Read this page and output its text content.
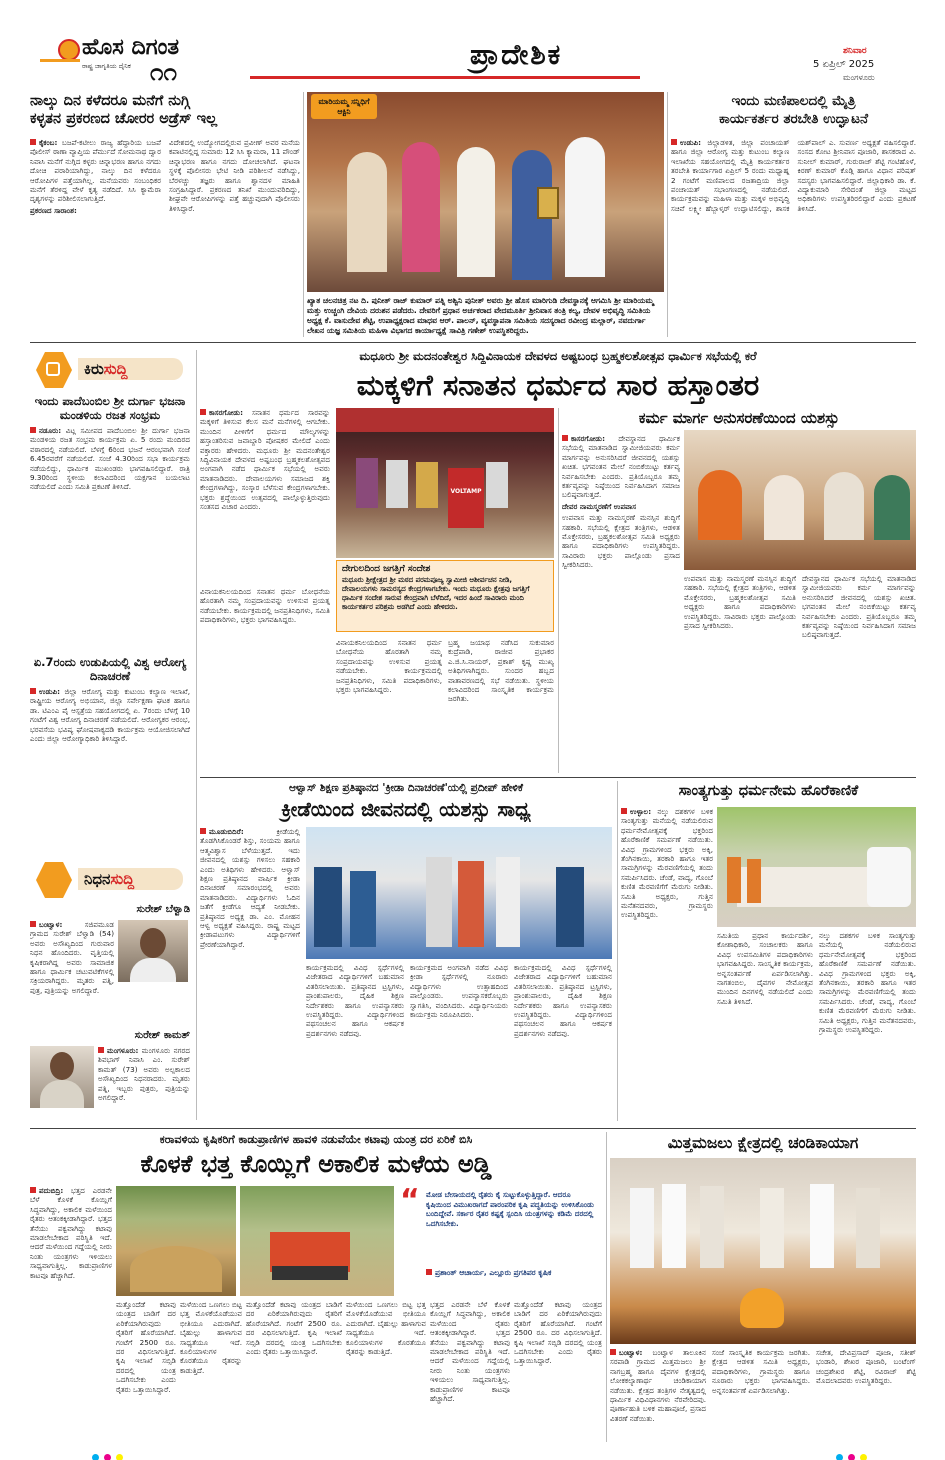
ಹೊಸ ದಿಗಂತ
ರಾಷ್ಟ್ರ ಜಾಗೃತಿಯ ದೈನಿಕ ೧೧
ಪ್ರಾದೇಶಿಕ	ಶನಿವಾರ
5 ಏಪ್ರಿಲ್ 2025
ಮಂಗಳೂರು
ನಾಲ್ಕು ದಿನ ಕಳೆದರೂ ಮನೆಗೆ ನುಗ್ಗಿ
ಕಳ್ಳತನ ಪ್ರಕರಣದ ಚೋರರ ಅಡ್ರೆಸ್ ಇಲ್ಲ

ಕೈಕಂಬ: ಬಜಪೆ-ಕಟೀಲು ರಾಜ್ಯ ಹೆದ್ದಾರಿಯ ಬಜಪೆ ಪೊಲೀಸ್ ಠಾಣಾ ವ್ಯಾಪ್ತಿಯ ಪೆರ್ಮುದೆ ಸೋಮನಾಥ ದ್ವಾರ ನಿವಾಸಿ ಮನೆಗೆ ನುಗ್ಗಿದ ಕಳ್ಳರು ಚಿನ್ನಾಭರಣ ಹಾಗೂ ನಗದು ದೋಚಿ ಪರಾರಿಯಾಗಿದ್ದು, ನಾಲ್ಕು ದಿನ ಕಳೆದರೂ ಆರೋಪಿಗಳ ಪತ್ತೆಯಾಗಿಲ್ಲ. ಮನೆಯವರು ಸಂಬಂಧಿಕರ ಮನೆಗೆ ತೆರಳಿದ್ದ ವೇಳೆ ಕೃತ್ಯ ನಡೆದಿದೆ. ಸಿಸಿ ಕ್ಯಾಮೆರಾ ದೃಶ್ಯಗಳನ್ನು ಪರಿಶೀಲಿಸಲಾಗುತ್ತಿದೆ.

ಪ್ರಕರಣದ ಸಾರಾಂಶ:

ವಿದೇಶದಲ್ಲಿ ಉದ್ಯೋಗದಲ್ಲಿರುವ ಪ್ರವೀಣ್ ಅವರ ಮನೆಯ ಕಪಾಟಿನಲ್ಲಿದ್ದ ಸುಮಾರು 12 ಸಿಸಿ ಕ್ಯಾಮರಾ, 11 ಪೌಂಡ್ ಚಿನ್ನಾಭರಣ ಹಾಗೂ ನಗದು ದೋಚಲಾಗಿದೆ. ಘಟನಾ ಸ್ಥಳಕ್ಕೆ ಪೊಲೀಸರು ಭೇಟಿ ನೀಡಿ ಪರಿಶೀಲನೆ ನಡೆಸಿದ್ದು, ಬೆರಳಚ್ಚು ತಜ್ಞರು ಹಾಗೂ ಶ್ವಾನದಳ ಮಾಹಿತಿ ಸಂಗ್ರಹಿಸಿದ್ದಾರೆ. ಪ್ರಕರಣದ ತನಿಖೆ ಮುಂದುವರಿದಿದ್ದು, ಶೀಘ್ರವೇ ಆರೋಪಿಗಳನ್ನು ಪತ್ತೆ ಹಚ್ಚುವುದಾಗಿ ಪೊಲೀಸರು ತಿಳಿಸಿದ್ದಾರೆ.

ಮಾರಿಯಮ್ಮ ಸನ್ನಿಧಿಗೆ ಆಕ್ಟಿನಿ
ಖ್ಯಾತ ಚಲನಚಿತ್ರ ನಟ ದಿ. ಪುನೀತ್ ರಾಜ್ ಕುಮಾರ್ ಪತ್ನಿ ಅಶ್ವಿನಿ ಪುನೀತ್ ಅವರು ಶ್ರೀ ಹೊಸ ಮಾರಿಗುಡಿ ದೇವಸ್ಥಾನಕ್ಕೆ ಆಗಮಿಸಿ ಶ್ರೀ ಮಾರಿಯಮ್ಮ ಮತ್ತು ಉಚ್ಚಂಗಿ ದೇವಿಯ ದರುಶನ ಪಡೆದರು. ದೇವರಿಗೆ ಪ್ರಧಾನ ಅರ್ಚಕರಾದ ವೇದಮೂರ್ತಿ ಶ್ರೀನಿವಾಸ ತಂತ್ರಿ ಕಲ್ಯ, ದೇವಳ ಅಭಿವೃದ್ಧಿ ಸಮಿತಿಯ ಅಧ್ಯಕ್ಷ ಕೆ. ವಾಸುದೇವ ಶೆಟ್ಟಿ, ಉಪಾಧ್ಯಕ್ಷರಾದ ಮಾಧವ ಆರ್. ಪಾಲನ್, ವ್ಯವಸ್ಥಾಪನಾ ಸಮಿತಿಯ ಸದಸ್ಯರಾದ ರವೀಂದ್ರ ಮಲ್ಲಾರ್, ನವದುರ್ಗಾ ಲೇಖನ ಯಜ್ಞ ಸಮಿತಿಯ ಮಹಿಳಾ ವಿಭಾಗದ ಕಾರ್ಯಾಧ್ಯಕ್ಷೆ ಸಾವಿತ್ರಿ ಗಣೇಶ್ ಉಪಸ್ಥಿತರಿದ್ದರು.
ಇಂದು ಮಣಿಪಾಲದಲ್ಲಿ ಮೈತ್ರಿ
ಕಾರ್ಯಕರ್ತರ ತರಬೇತಿ ಉದ್ಘಾಟನೆ

ಉಡುಪಿ: ಜಿಲ್ಲಾಡಳಿತ, ಜಿಲ್ಲಾ ಪಂಚಾಯತ್ ಹಾಗೂ ಜಿಲ್ಲಾ ಆರೋಗ್ಯ ಮತ್ತು ಕುಟುಂಬ ಕಲ್ಯಾಣ ಇಲಾಖೆಯ ಸಹಯೋಗದಲ್ಲಿ ಮೈತ್ರಿ ಕಾರ್ಯಕರ್ತರ ತರಬೇತಿ ಕಾರ್ಯಾಗಾರ ಏಪ್ರಿಲ್ 5 ರಂದು ಮಧ್ಯಾಹ್ನ 2 ಗಂಟೆಗೆ ಮಣಿಪಾಲದ ರಜತಾದ್ರಿಯ ಜಿಲ್ಲಾ ಪಂಚಾಯತ್ ಸಭಾಂಗಣದಲ್ಲಿ ನಡೆಯಲಿದೆ. ಕಾರ್ಯಕ್ರಮವನ್ನು ಮಹಿಳಾ ಮತ್ತು ಮಕ್ಕಳ ಅಭಿವೃದ್ಧಿ ಸಚಿವೆ ಲಕ್ಷ್ಮೀ ಹೆಬ್ಬಾಳ್ಕರ್ ಉದ್ಘಾಟಿಸಲಿದ್ದು, ಶಾಸಕ ಯಶ್‌ಪಾಲ್ ಎ. ಸುವರ್ಣ ಅಧ್ಯಕ್ಷತೆ ವಹಿಸಲಿದ್ದಾರೆ. ಸಂಸದ ಕೋಟ ಶ್ರೀನಿವಾಸ ಪೂಜಾರಿ, ಶಾಸಕರಾದ ವಿ. ಸುನೀಲ್ ಕುಮಾರ್, ಗುರುರಾಜ್ ಶೆಟ್ಟಿ ಗಂಟಿಹೊಳೆ, ಕಿರಣ್ ಕುಮಾರ್ ಕೊಡ್ಗಿ ಹಾಗೂ ವಿಧಾನ ಪರಿಷತ್ ಸದಸ್ಯರು ಭಾಗವಹಿಸಲಿದ್ದಾರೆ. ಜಿಲ್ಲಾಧಿಕಾರಿ ಡಾ. ಕೆ. ವಿದ್ಯಾಕುಮಾರಿ ಸೇರಿದಂತೆ ಜಿಲ್ಲಾ ಮಟ್ಟದ ಅಧಿಕಾರಿಗಳು ಉಪಸ್ಥಿತರಿರಲಿದ್ದಾರೆ ಎಂದು ಪ್ರಕಟಣೆ ತಿಳಿಸಿದೆ.

ಕಿರುಸುದ್ದಿ
ಇಂದು ಪಾದೆಬಂಬಿಲ ಶ್ರೀ ದುರ್ಗಾ ಭಜನಾ ಮಂಡಳಿಯ ರಜತ ಸಂಭ್ರಮ

ನಡೂರು: ವಿಟ್ಲ ಸಮೀಪದ ಪಾದೆಬಂಬಿಲ ಶ್ರೀ ದುರ್ಗಾ ಭಜನಾ ಮಂಡಳಿಯ ರಜತ ಸಂಭ್ರಮ ಕಾರ್ಯಕ್ರಮ ಏ. 5 ರಂದು ಮಂದಿರದ ವಠಾರದಲ್ಲಿ ನಡೆಯಲಿದೆ. ಬೆಳಗ್ಗೆ 6ರಿಂದ ಭಜನೆ ಆರಂಭವಾಗಿ ಸಂಜೆ 6.45ರವರೆಗೆ ನಡೆಯಲಿದೆ. ಸಂಜೆ 4.30ರಿಂದ ಸಭಾ ಕಾರ್ಯಕ್ರಮ ನಡೆಯಲಿದ್ದು, ಧಾರ್ಮಿಕ ಮುಖಂಡರು ಭಾಗವಹಿಸಲಿದ್ದಾರೆ. ರಾತ್ರಿ 9.30ರಿಂದ ಸ್ಥಳೀಯ ಕಲಾವಿದರಿಂದ ಯಕ್ಷಗಾನ ಬಯಲಾಟ ನಡೆಯಲಿದೆ ಎಂದು ಸಮಿತಿ ಪ್ರಕಟಣೆ ತಿಳಿಸಿದೆ.

ಏ.7ರಂದು ಉಡುಪಿಯಲ್ಲಿ ವಿಶ್ವ ಆರೋಗ್ಯ ದಿನಾಚರಣೆ

ಉಡುಪಿ: ಜಿಲ್ಲಾ ಆರೋಗ್ಯ ಮತ್ತು ಕುಟುಂಬ ಕಲ್ಯಾಣ ಇಲಾಖೆ, ರಾಷ್ಟ್ರೀಯ ಆರೋಗ್ಯ ಅಭಿಯಾನ, ಜಿಲ್ಲಾ ಸರ್ವೇಕ್ಷಣಾ ಘಟಕ ಹಾಗೂ ಡಾ. ಟಿಎಂಎ ಪೈ ಆಸ್ಪತ್ರೆಯ ಸಹಯೋಗದಲ್ಲಿ ಏ. 7ರಂದು ಬೆಳಗ್ಗೆ 10 ಗಂಟೆಗೆ ವಿಶ್ವ ಆರೋಗ್ಯ ದಿನಾಚರಣೆ ನಡೆಯಲಿದೆ. ಆರೋಗ್ಯಕರ ಆರಂಭ, ಭರವಸೆಯ ಭವಿಷ್ಯ ಘೋಷವಾಕ್ಯದಡಿ ಕಾರ್ಯಕ್ರಮ ಆಯೋಜಿಸಲಾಗಿದೆ ಎಂದು ಜಿಲ್ಲಾ ಆರೋಗ್ಯಾಧಿಕಾರಿ ತಿಳಿಸಿದ್ದಾರೆ.

ನಿಧನಸುದ್ದಿ
ಸುರೇಶ್ ಬೆಳ್ವಾಡಿ

ಬಂಟ್ವಾಳ:	ಸಜಿಪಮೂಡ ಗ್ರಾಮದ ಸುರೇಶ್ ಬೆಳ್ವಾಡಿ (54) ಅವರು ಅಸೌಖ್ಯದಿಂದ ಗುರುವಾರ ನಿಧನ ಹೊಂದಿದರು. ವೃತ್ತಿಯಲ್ಲಿ ಕೃಷಿಕರಾಗಿದ್ದ ಅವರು ಸಾಮಾಜಿಕ ಹಾಗೂ ಧಾರ್ಮಿಕ ಚಟುವಟಿಕೆಗಳಲ್ಲಿ ಸಕ್ರಿಯರಾಗಿದ್ದರು. ಮೃತರು ಪತ್ನಿ, ಪುತ್ರ, ಪುತ್ರಿಯನ್ನು ಅಗಲಿದ್ದಾರೆ.

ಸುರೇಶ್ ಕಾಮತ್

ಮಂಗಳೂರು: ಮಂಗಳೂರು ನಗರದ ಶಿವಭಾಗ್ ನಿವಾಸಿ ಎಂ. ಸುರೇಶ್ ಕಾಮತ್ (73) ಅವರು ಅಲ್ಪಕಾಲದ ಅಸೌಖ್ಯದಿಂದ ನಿಧನರಾದರು. ಮೃತರು ಪತ್ನಿ, ಇಬ್ಬರು ಪುತ್ರರು, ಪುತ್ರಿಯನ್ನು ಅಗಲಿದ್ದಾರೆ.

ಮಧೂರು ಶ್ರೀ ಮದನಂತೇಶ್ವರ ಸಿದ್ಧಿವಿನಾಯಕ ದೇವಳದ ಅಷ್ಟಬಂಧ ಬ್ರಹ್ಮಕಲಶೋತ್ಸವ ಧಾರ್ಮಿಕ ಸಭೆಯಲ್ಲಿ ಕರೆ
ಮಕ್ಕಳಿಗೆ ಸನಾತನ ಧರ್ಮದ ಸಾರ ಹಸ್ತಾಂತರ

ಕಾಸರಗೋಡು: ಸನಾತನ ಧರ್ಮದ ಸಾರವನ್ನು ಮಕ್ಕಳಿಗೆ ತಿಳಿಸುವ ಕೆಲಸ ಮನೆ ಮನೆಗಳಲ್ಲಿ ಆಗಬೇಕು. ಮುಂದಿನ ಪೀಳಿಗೆಗೆ ಧರ್ಮದ ಮೌಲ್ಯಗಳನ್ನು ಹಸ್ತಾಂತರಿಸುವ ಜವಾಬ್ದಾರಿ ಪೋಷಕರ ಮೇಲಿದೆ ಎಂದು ವಕ್ತಾರರು ಹೇಳಿದರು. ಮಧೂರು ಶ್ರೀ ಮದನಂತೇಶ್ವರ ಸಿದ್ಧಿವಿನಾಯಕ ದೇವಳದ ಅಷ್ಟಬಂಧ ಬ್ರಹ್ಮಕಲಶೋತ್ಸವದ ಅಂಗವಾಗಿ ನಡೆದ ಧಾರ್ಮಿಕ ಸಭೆಯಲ್ಲಿ ಅವರು ಮಾತನಾಡಿದರು. ದೇವಾಲಯಗಳು ಸಮಾಜದ ಶಕ್ತಿ ಕೇಂದ್ರಗಳಾಗಿದ್ದು, ಸಂಸ್ಕಾರ ಬೆಳೆಸುವ ಕೇಂದ್ರಗಳಾಗಬೇಕು. ಭಕ್ತರು ಶ್ರದ್ಧೆಯಿಂದ ಉತ್ಸವದಲ್ಲಿ ಪಾಲ್ಗೊಳ್ಳುತ್ತಿರುವುದು ಸಂತಸದ ವಿಚಾರ ಎಂದರು.

VOLTAMP
ದೇಗುಲದಿಂದ ಜಗತ್ತಿಗೆ ಸಂದೇಶ
ಮಧೂರು ಶ್ರೀಕ್ಷೇತ್ರದ ಶ್ರೀ ಮಠದ ಪರಮಪೂಜ್ಯ ಸ್ವಾಮೀಜಿ ಆಶೀರ್ವಚನ ನೀಡಿ, ದೇವಾಲಯಗಳು ಸಾಮರಸ್ಯದ ಕೇಂದ್ರಗಳಾಗಬೇಕು. ಇಂದು ಮಧೂರು ಕ್ಷೇತ್ರವು ಜಗತ್ತಿಗೆ ಧಾರ್ಮಿಕ ಸಂದೇಶ ಸಾರುವ ಕೇಂದ್ರವಾಗಿ ಬೆಳೆದಿದೆ, ಇದರ ಹಿಂದೆ ಸಾವಿರಾರು ಮಂದಿ ಕಾರ್ಯಕರ್ತರ ಪರಿಶ್ರಮ ಅಡಗಿದೆ ಎಂದು ಹೇಳಿದರು.

ವಿನಾಯಕನಿಲಯದಿಂದ ಸನಾತನ ಧರ್ಮ ಬೋಧನೆಯ ಹೊರತಾಗಿ ನಮ್ಮ ಸಂಪ್ರದಾಯವನ್ನು ಉಳಿಸುವ ಪ್ರಯತ್ನ ನಡೆಯಬೇಕು. ಕಾರ್ಯಕ್ರಮದಲ್ಲಿ ಜನಪ್ರತಿನಿಧಿಗಳು, ಸಮಿತಿ ಪದಾಧಿಕಾರಿಗಳು, ಭಕ್ತರು ಭಾಗವಹಿಸಿದ್ದರು.

ವಿನಾಯಕನಿಲಯದಿಂದ ಸನಾತನ ಧರ್ಮ ಬೋಧನೆಯ ಹೊರತಾಗಿ ನಮ್ಮ ಸಂಪ್ರದಾಯವನ್ನು ಉಳಿಸುವ ಪ್ರಯತ್ನ ನಡೆಯಬೇಕು. ಕಾರ್ಯಕ್ರಮದಲ್ಲಿ ಜನಪ್ರತಿನಿಧಿಗಳು, ಸಮಿತಿ ಪದಾಧಿಕಾರಿಗಳು, ಭಕ್ತರು ಭಾಗವಹಿಸಿದ್ದರು.

ಬ್ರಹ್ಮ ಜಯಾಥ ನಡೆಸಿದ ಸುಕುಮಾರ ಕುದ್ರೆಪಾಡಿ, ರಾಜೀವ ಪ್ರಭಾಕರ ಎ.ಜಿ.ಸಿ.ನಾಯರ್, ಪ್ರಕಾಶ್ ಕೃಷ್ಣ ಮುಖ್ಯ ಅತಿಥಿಗಳಾಗಿದ್ದರು. ಸುಂದರ ಹಬ್ಬದ ವಾತಾವರಣದಲ್ಲಿ ಸಭೆ ನಡೆಯಿತು. ಸ್ಥಳೀಯ ಕಲಾವಿದರಿಂದ ಸಾಂಸ್ಕೃತಿಕ ಕಾರ್ಯಕ್ರಮ ಜರಗಿತು.

ಕರ್ಮ ಮಾರ್ಗ ಅನುಸರಣೆಯಿಂದ ಯಶಸ್ಸು

ಕಾಸರಗೋಡು: ದೇವಸ್ಥಾನದ ಧಾರ್ಮಿಕ ಸಭೆಯಲ್ಲಿ ಮಾತನಾಡಿದ ಸ್ವಾಮೀಜಿಯವರು ಕರ್ಮ ಮಾರ್ಗವನ್ನು ಅನುಸರಿಸಿದರೆ ಜೀವನದಲ್ಲಿ ಯಶಸ್ಸು ಖಚಿತ. ಭಗವಂತನ ಮೇಲೆ ನಂಬಿಕೆಯಿಟ್ಟು ಕರ್ತವ್ಯ ನಿರ್ವಹಿಸಬೇಕು ಎಂದರು. ಪ್ರತಿಯೊಬ್ಬರೂ ತಮ್ಮ ಕರ್ತವ್ಯವನ್ನು ನಿಷ್ಠೆಯಿಂದ ನಿರ್ವಹಿಸಿದಾಗ ಸಮಾಜ ಬಲಿಷ್ಠವಾಗುತ್ತದೆ.

ದೇವರ ನಾಮಸ್ಮರಣೆಗೆ ಉಪವಾಸ

ಉಪವಾಸ ಮತ್ತು ನಾಮಸ್ಮರಣೆ ಮನಸ್ಸಿನ ಶುದ್ಧಿಗೆ ಸಹಕಾರಿ. ಸಭೆಯಲ್ಲಿ ಕ್ಷೇತ್ರದ ತಂತ್ರಿಗಳು, ಆಡಳಿತ ಮೊಕ್ತೇಸರರು, ಬ್ರಹ್ಮಕಲಶೋತ್ಸವ ಸಮಿತಿ ಅಧ್ಯಕ್ಷರು ಹಾಗೂ ಪದಾಧಿಕಾರಿಗಳು ಉಪಸ್ಥಿತರಿದ್ದರು. ಸಾವಿರಾರು ಭಕ್ತರು ಪಾಲ್ಗೊಂಡು ಪ್ರಸಾದ ಸ್ವೀಕರಿಸಿದರು.

ಉಪವಾಸ ಮತ್ತು ನಾಮಸ್ಮರಣೆ ಮನಸ್ಸಿನ ಶುದ್ಧಿಗೆ ಸಹಕಾರಿ. ಸಭೆಯಲ್ಲಿ ಕ್ಷೇತ್ರದ ತಂತ್ರಿಗಳು, ಆಡಳಿತ ಮೊಕ್ತೇಸರರು, ಬ್ರಹ್ಮಕಲಶೋತ್ಸವ ಸಮಿತಿ ಅಧ್ಯಕ್ಷರು ಹಾಗೂ ಪದಾಧಿಕಾರಿಗಳು ಉಪಸ್ಥಿತರಿದ್ದರು. ಸಾವಿರಾರು ಭಕ್ತರು ಪಾಲ್ಗೊಂಡು ಪ್ರಸಾದ ಸ್ವೀಕರಿಸಿದರು.

ದೇವಸ್ಥಾನದ ಧಾರ್ಮಿಕ ಸಭೆಯಲ್ಲಿ ಮಾತನಾಡಿದ ಸ್ವಾಮೀಜಿಯವರು ಕರ್ಮ ಮಾರ್ಗವನ್ನು ಅನುಸರಿಸಿದರೆ ಜೀವನದಲ್ಲಿ ಯಶಸ್ಸು ಖಚಿತ. ಭಗವಂತನ ಮೇಲೆ ನಂಬಿಕೆಯಿಟ್ಟು ಕರ್ತವ್ಯ ನಿರ್ವಹಿಸಬೇಕು ಎಂದರು. ಪ್ರತಿಯೊಬ್ಬರೂ ತಮ್ಮ ಕರ್ತವ್ಯವನ್ನು ನಿಷ್ಠೆಯಿಂದ ನಿರ್ವಹಿಸಿದಾಗ ಸಮಾಜ ಬಲಿಷ್ಠವಾಗುತ್ತದೆ.

ಆಳ್ವಾಸ್ ಶಿಕ್ಷಣ ಪ್ರತಿಷ್ಠಾನದ 'ಕ್ರೀಡಾ ದಿನಾಚರಣೆ'ಯಲ್ಲಿ ಪ್ರದೀಪ್ ಹೇಳಿಕೆ
ಕ್ರೀಡೆಯಿಂದ ಜೀವನದಲ್ಲಿ ಯಶಸ್ಸು ಸಾಧ್ಯ

ಮೂಡುಬಿದಿರೆ:	ಕ್ರೀಡೆಯಲ್ಲಿ ತೊಡಗಿಸಿಕೊಂಡರೆ ಶಿಸ್ತು, ಸಂಯಮ ಹಾಗೂ ಆತ್ಮವಿಶ್ವಾಸ ಬೆಳೆಯುತ್ತದೆ. ಇದು ಜೀವನದಲ್ಲಿ ಯಶಸ್ಸು ಗಳಿಸಲು ಸಹಕಾರಿ ಎಂದು ಅತಿಥಿಗಳು ಹೇಳಿದರು. ಆಳ್ವಾಸ್ ಶಿಕ್ಷಣ ಪ್ರತಿಷ್ಠಾನದ ವಾರ್ಷಿಕ ಕ್ರೀಡಾ ದಿನಾಚರಣೆ ಸಮಾರಂಭದಲ್ಲಿ ಅವರು ಮಾತನಾಡಿದರು. ವಿದ್ಯಾರ್ಥಿಗಳು ಓದಿನ ಜತೆಗೆ ಕ್ರೀಡೆಗೂ ಆದ್ಯತೆ ನೀಡಬೇಕು. ಪ್ರತಿಷ್ಠಾನದ ಅಧ್ಯಕ್ಷ ಡಾ. ಎಂ. ಮೋಹನ ಆಳ್ವ ಅಧ್ಯಕ್ಷತೆ ವಹಿಸಿದ್ದರು. ರಾಷ್ಟ್ರ ಮಟ್ಟದ ಕ್ರೀಡಾಪಟುಗಳು ವಿದ್ಯಾರ್ಥಿಗಳಿಗೆ ಪ್ರೇರಣೆಯಾಗಿದ್ದಾರೆ.

ಕಾರ್ಯಕ್ರಮದಲ್ಲಿ ವಿವಿಧ ಸ್ಪರ್ಧೆಗಳಲ್ಲಿ ವಿಜೇತರಾದ ವಿದ್ಯಾರ್ಥಿಗಳಿಗೆ ಬಹುಮಾನ ವಿತರಿಸಲಾಯಿತು. ಪ್ರತಿಷ್ಠಾನದ ಟ್ರಸ್ಟಿಗಳು, ಪ್ರಾಂಶುಪಾಲರು, ದೈಹಿಕ ಶಿಕ್ಷಣ ನಿರ್ದೇಶಕರು ಹಾಗೂ ಉಪನ್ಯಾಸಕರು ಉಪಸ್ಥಿತರಿದ್ದರು. ವಿದ್ಯಾರ್ಥಿಗಳಿಂದ ಪಥಸಂಚಲನ ಹಾಗೂ ಆಕರ್ಷಕ ಪ್ರದರ್ಶನಗಳು ನಡೆದವು.

ಕಾರ್ಯಕ್ರಮದ ಅಂಗವಾಗಿ ನಡೆದ ವಿವಿಧ ಕ್ರೀಡಾ ಸ್ಪರ್ಧೆಗಳಲ್ಲಿ ನೂರಾರು ವಿದ್ಯಾರ್ಥಿಗಳು ಉತ್ಸಾಹದಿಂದ ಪಾಲ್ಗೊಂಡರು. ಉಪನ್ಯಾಸಕರೊಬ್ಬರು ಸ್ವಾಗತಿಸಿ, ವಂದಿಸಿದರು. ವಿದ್ಯಾರ್ಥಿನಿಯರು ಕಾರ್ಯಕ್ರಮ ನಿರೂಪಿಸಿದರು.

ಕಾರ್ಯಕ್ರಮದಲ್ಲಿ ವಿವಿಧ ಸ್ಪರ್ಧೆಗಳಲ್ಲಿ ವಿಜೇತರಾದ ವಿದ್ಯಾರ್ಥಿಗಳಿಗೆ ಬಹುಮಾನ ವಿತರಿಸಲಾಯಿತು. ಪ್ರತಿಷ್ಠಾನದ ಟ್ರಸ್ಟಿಗಳು, ಪ್ರಾಂಶುಪಾಲರು, ದೈಹಿಕ ಶಿಕ್ಷಣ ನಿರ್ದೇಶಕರು ಹಾಗೂ ಉಪನ್ಯಾಸಕರು ಉಪಸ್ಥಿತರಿದ್ದರು. ವಿದ್ಯಾರ್ಥಿಗಳಿಂದ ಪಥಸಂಚಲನ ಹಾಗೂ ಆಕರ್ಷಕ ಪ್ರದರ್ಶನಗಳು ನಡೆದವು.

ಸಾಂತ್ಯಗುತ್ತು ಧರ್ಮನೇಮ ಹೊರೆಕಾಣಿಕೆ

ಉಳ್ಳಾಲ: ನಲ್ಕು ದಶಕಗಳ ಬಳಿಕ ಸಾಂತ್ಯಗುತ್ತು ಮನೆಯಲ್ಲಿ ನಡೆಯಲಿರುವ ಧರ್ಮನೇಮೋತ್ಸವಕ್ಕೆ ಭಕ್ತರಿಂದ ಹೊರೆಕಾಣಿಕೆ ಸಮರ್ಪಣೆ ನಡೆಯಿತು. ವಿವಿಧ ಗ್ರಾಮಗಳಿಂದ ಭಕ್ತರು ಅಕ್ಕಿ, ತೆಂಗಿನಕಾಯಿ, ತರಕಾರಿ ಹಾಗೂ ಇತರ ಸಾಮಗ್ರಿಗಳನ್ನು ಮೆರವಣಿಗೆಯಲ್ಲಿ ತಂದು ಸಮರ್ಪಿಸಿದರು. ಚೆಂಡೆ, ವಾದ್ಯ, ಗೊಂಬೆ ಕುಣಿತ ಮೆರವಣಿಗೆಗೆ ಮೆರುಗು ನೀಡಿತು. ಸಮಿತಿ ಅಧ್ಯಕ್ಷರು, ಗುತ್ತಿನ ಮನೆತನದವರು, ಗ್ರಾಮಸ್ಥರು ಉಪಸ್ಥಿತರಿದ್ದರು.

ಸಮಿತಿಯ ಪ್ರಧಾನ ಕಾರ್ಯದರ್ಶಿ, ಕೋಶಾಧಿಕಾರಿ, ಸಂಚಾಲಕರು ಹಾಗೂ ವಿವಿಧ ಉಪಸಮಿತಿಗಳ ಪದಾಧಿಕಾರಿಗಳು ಭಾಗವಹಿಸಿದ್ದರು. ಸಾಂಸ್ಕೃತಿಕ ಕಾರ್ಯಕ್ರಮ, ಅನ್ನಸಂತರ್ಪಣೆ ಏರ್ಪಡಿಸಲಾಗಿತ್ತು. ನಾಗತಂಬಿಲ, ದೈವಗಳ ನೇಮೋತ್ಸವ ಮುಂದಿನ ದಿನಗಳಲ್ಲಿ ನಡೆಯಲಿದೆ ಎಂದು ಸಮಿತಿ ತಿಳಿಸಿದೆ.

ನಲ್ಕು ದಶಕಗಳ ಬಳಿಕ ಸಾಂತ್ಯಗುತ್ತು ಮನೆಯಲ್ಲಿ ನಡೆಯಲಿರುವ ಧರ್ಮನೇಮೋತ್ಸವಕ್ಕೆ ಭಕ್ತರಿಂದ ಹೊರೆಕಾಣಿಕೆ ಸಮರ್ಪಣೆ ನಡೆಯಿತು. ವಿವಿಧ ಗ್ರಾಮಗಳಿಂದ ಭಕ್ತರು ಅಕ್ಕಿ, ತೆಂಗಿನಕಾಯಿ, ತರಕಾರಿ ಹಾಗೂ ಇತರ ಸಾಮಗ್ರಿಗಳನ್ನು ಮೆರವಣಿಗೆಯಲ್ಲಿ ತಂದು ಸಮರ್ಪಿಸಿದರು. ಚೆಂಡೆ, ವಾದ್ಯ, ಗೊಂಬೆ ಕುಣಿತ ಮೆರವಣಿಗೆಗೆ ಮೆರುಗು ನೀಡಿತು. ಸಮಿತಿ ಅಧ್ಯಕ್ಷರು, ಗುತ್ತಿನ ಮನೆತನದವರು, ಗ್ರಾಮಸ್ಥರು ಉಪಸ್ಥಿತರಿದ್ದರು.

ಕರಾವಳಿಯ ಕೃಷಿಕರಿಗೆ ಕಾಡುಪ್ರಾಣಿಗಳ ಹಾವಳಿ ನಡುವೆಯೇ ಕಟಾವು ಯಂತ್ರ ದರ ಏರಿಕೆ ಬಿಸಿ
ಕೊಳಕೆ ಭತ್ತ ಕೊಯ್ಲಿಗೆ ಅಕಾಲಿಕ ಮಳೆಯ ಅಡ್ಡಿ

ಪದುಬಿದ್ರಿ: ಭತ್ತದ ಎರಡನೇ ಬೆಳೆ ಕೊಳಕೆ ಕೊಯ್ಲಿಗೆ ಸಿದ್ಧವಾಗಿದ್ದು, ಅಕಾಲಿಕ ಮಳೆಯಿಂದ ರೈತರು ಆತಂಕಕ್ಕೀಡಾಗಿದ್ದಾರೆ. ಭತ್ತದ ತೆನೆಯು ಪಕ್ವವಾಗಿದ್ದು ಕಟಾವು ಮಾಡಲೇಬೇಕಾದ ಪರಿಸ್ಥಿತಿ ಇದೆ. ಆದರೆ ಮಳೆಯಿಂದ ಗದ್ದೆಯಲ್ಲಿ ನೀರು ನಿಂತು ಯಂತ್ರಗಳು ಇಳಿಯಲು ಸಾಧ್ಯವಾಗುತ್ತಿಲ್ಲ. ಕಾಡುಪ್ರಾಣಿಗಳ ಕಾಟವೂ ಹೆಚ್ಚಾಗಿದೆ.

“ ಮೋಡ ಬೇಸಾಯದಲ್ಲಿ ರೈತರು ಕೈ ಸುಟ್ಟುಕೊಳ್ಳುತ್ತಿದ್ದಾರೆ. ಆದರೂ ಕೃಷಿಯಿಂದ ವಿಮುಖರಾಗದೆ ಪಾರಂಪರಿಕ ಕೃಷಿ ಪದ್ಧತಿಯನ್ನು ಉಳಿಸಿಕೊಂಡು ಬಂದಿದ್ದೇವೆ. ಸರ್ಕಾರ ರೈತರ ಕಷ್ಟಕ್ಕೆ ಸ್ಪಂದಿಸಿ ಯಂತ್ರಗಳನ್ನು ಕಡಿಮೆ ದರದಲ್ಲಿ ಒದಗಿಸಬೇಕು.
ಪ್ರಶಾಂತ್ ಆಚಾರ್ಯ, ಎಲ್ಲೂರು ಪ್ರಗತಿಪರ ಕೃಷಿಕ

ಮತ್ತೊಂದೆಡೆ ಕಟಾವು ಯಂತ್ರದ ಬಾಡಿಗೆ ದರ ಏರಿಕೆಯಾಗಿರುವುದು ರೈತರಿಗೆ ಹೊರೆಯಾಗಿದೆ. ಗಂಟೆಗೆ 2500 ರೂ. ದರ ವಿಧಿಸಲಾಗುತ್ತಿದೆ. ಕೃಷಿ ಇಲಾಖೆ ಸಬ್ಸಿಡಿ ದರದಲ್ಲಿ ಯಂತ್ರ ಒದಗಿಸಬೇಕು ಎಂದು ರೈತರು ಒತ್ತಾಯಿಸಿದ್ದಾರೆ.

ಮಳೆಯಿಂದ ಒಣಗಲು ಬಿಟ್ಟ ಭತ್ತ ಮೊಳಕೆಯೊಡೆಯುವ ಭೀತಿಯೂ ಎದುರಾಗಿದೆ. ಬೈಹುಲ್ಲು ಹಾಳಾಗುವ ಸಾಧ್ಯತೆಯೂ ಇದೆ. ಕೂಲಿಯಾಳುಗಳ ಕೊರತೆಯೂ ರೈತರನ್ನು ಕಾಡುತ್ತಿದೆ.

ಮತ್ತೊಂದೆಡೆ ಕಟಾವು ಯಂತ್ರದ ಬಾಡಿಗೆ ದರ ಏರಿಕೆಯಾಗಿರುವುದು ರೈತರಿಗೆ ಹೊರೆಯಾಗಿದೆ. ಗಂಟೆಗೆ 2500 ರೂ. ದರ ವಿಧಿಸಲಾಗುತ್ತಿದೆ. ಕೃಷಿ ಇಲಾಖೆ ಸಬ್ಸಿಡಿ ದರದಲ್ಲಿ ಯಂತ್ರ ಒದಗಿಸಬೇಕು ಎಂದು ರೈತರು ಒತ್ತಾಯಿಸಿದ್ದಾರೆ.

ಮಳೆಯಿಂದ ಒಣಗಲು ಬಿಟ್ಟ ಭತ್ತ ಮೊಳಕೆಯೊಡೆಯುವ ಭೀತಿಯೂ ಎದುರಾಗಿದೆ. ಬೈಹುಲ್ಲು ಹಾಳಾಗುವ ಸಾಧ್ಯತೆಯೂ ಇದೆ. ಕೂಲಿಯಾಳುಗಳ ಕೊರತೆಯೂ ರೈತರನ್ನು ಕಾಡುತ್ತಿದೆ.

ಭತ್ತದ ಎರಡನೇ ಬೆಳೆ ಕೊಳಕೆ ಕೊಯ್ಲಿಗೆ ಸಿದ್ಧವಾಗಿದ್ದು, ಅಕಾಲಿಕ ಮಳೆಯಿಂದ ರೈತರು ಆತಂಕಕ್ಕೀಡಾಗಿದ್ದಾರೆ. ಭತ್ತದ ತೆನೆಯು ಪಕ್ವವಾಗಿದ್ದು ಕಟಾವು ಮಾಡಲೇಬೇಕಾದ ಪರಿಸ್ಥಿತಿ ಇದೆ. ಆದರೆ ಮಳೆಯಿಂದ ಗದ್ದೆಯಲ್ಲಿ ನೀರು ನಿಂತು ಯಂತ್ರಗಳು ಇಳಿಯಲು ಸಾಧ್ಯವಾಗುತ್ತಿಲ್ಲ. ಕಾಡುಪ್ರಾಣಿಗಳ ಕಾಟವೂ ಹೆಚ್ಚಾಗಿದೆ.

ಮತ್ತೊಂದೆಡೆ ಕಟಾವು ಯಂತ್ರದ ಬಾಡಿಗೆ ದರ ಏರಿಕೆಯಾಗಿರುವುದು ರೈತರಿಗೆ ಹೊರೆಯಾಗಿದೆ. ಗಂಟೆಗೆ 2500 ರೂ. ದರ ವಿಧಿಸಲಾಗುತ್ತಿದೆ. ಕೃಷಿ ಇಲಾಖೆ ಸಬ್ಸಿಡಿ ದರದಲ್ಲಿ ಯಂತ್ರ ಒದಗಿಸಬೇಕು ಎಂದು ರೈತರು ಒತ್ತಾಯಿಸಿದ್ದಾರೆ.

ಮಿತ್ತಮಜಲು ಕ್ಷೇತ್ರದಲ್ಲಿ ಚಂಡಿಕಾಯಾಗ

ಬಂಟ್ವಾಳ: ಬಂಟ್ವಾಳ ತಾಲೂಕಿನ ಸರಪಾಡಿ ಗ್ರಾಮದ ಮಿತ್ತಮಜಲು ಶ್ರೀ ನಾಗಬ್ರಹ್ಮ ಹಾಗೂ ದೈವಗಳ ಕ್ಷೇತ್ರದಲ್ಲಿ ಲೋಕಕಲ್ಯಾಣಾರ್ಥ ಚಂಡಿಕಾಯಾಗ ನಡೆಯಿತು. ಕ್ಷೇತ್ರದ ತಂತ್ರಿಗಳ ನೇತೃತ್ವದಲ್ಲಿ ಧಾರ್ಮಿಕ ವಿಧಿವಿಧಾನಗಳು ನೆರವೇರಿದವು. ಪೂರ್ಣಾಹುತಿ ಬಳಿಕ ಮಹಾಪೂಜೆ, ಪ್ರಸಾದ ವಿತರಣೆ ನಡೆಯಿತು.

ಸಂಜೆ ಸಾಂಸ್ಕೃತಿಕ ಕಾರ್ಯಕ್ರಮ ಜರಗಿತು. ಕ್ಷೇತ್ರದ ಆಡಳಿತ ಸಮಿತಿ ಅಧ್ಯಕ್ಷರು, ಪದಾಧಿಕಾರಿಗಳು, ಗ್ರಾಮಸ್ಥರು ಹಾಗೂ ನೂರಾರು ಭಕ್ತರು ಭಾಗವಹಿಸಿದ್ದರು. ಅನ್ನಸಂತರ್ಪಣೆ ಏರ್ಪಡಿಸಲಾಗಿತ್ತು.

ಸಚೇತ, ದೇವಿಪ್ರಸಾದ್ ಪೂಜಾ, ಸತೀಶ್ ಭಂಡಾರಿ, ಶೇಖರ ಪೂಜಾರಿ, ಬಂಟೆಂಗ್ ಚಂದ್ರಶೇಖರ ಶೆಟ್ಟಿ, ರವಿರಾಜ್ ಶೆಟ್ಟಿ ಮೊದಲಾದವರು ಉಪಸ್ಥಿತರಿದ್ದರು.
